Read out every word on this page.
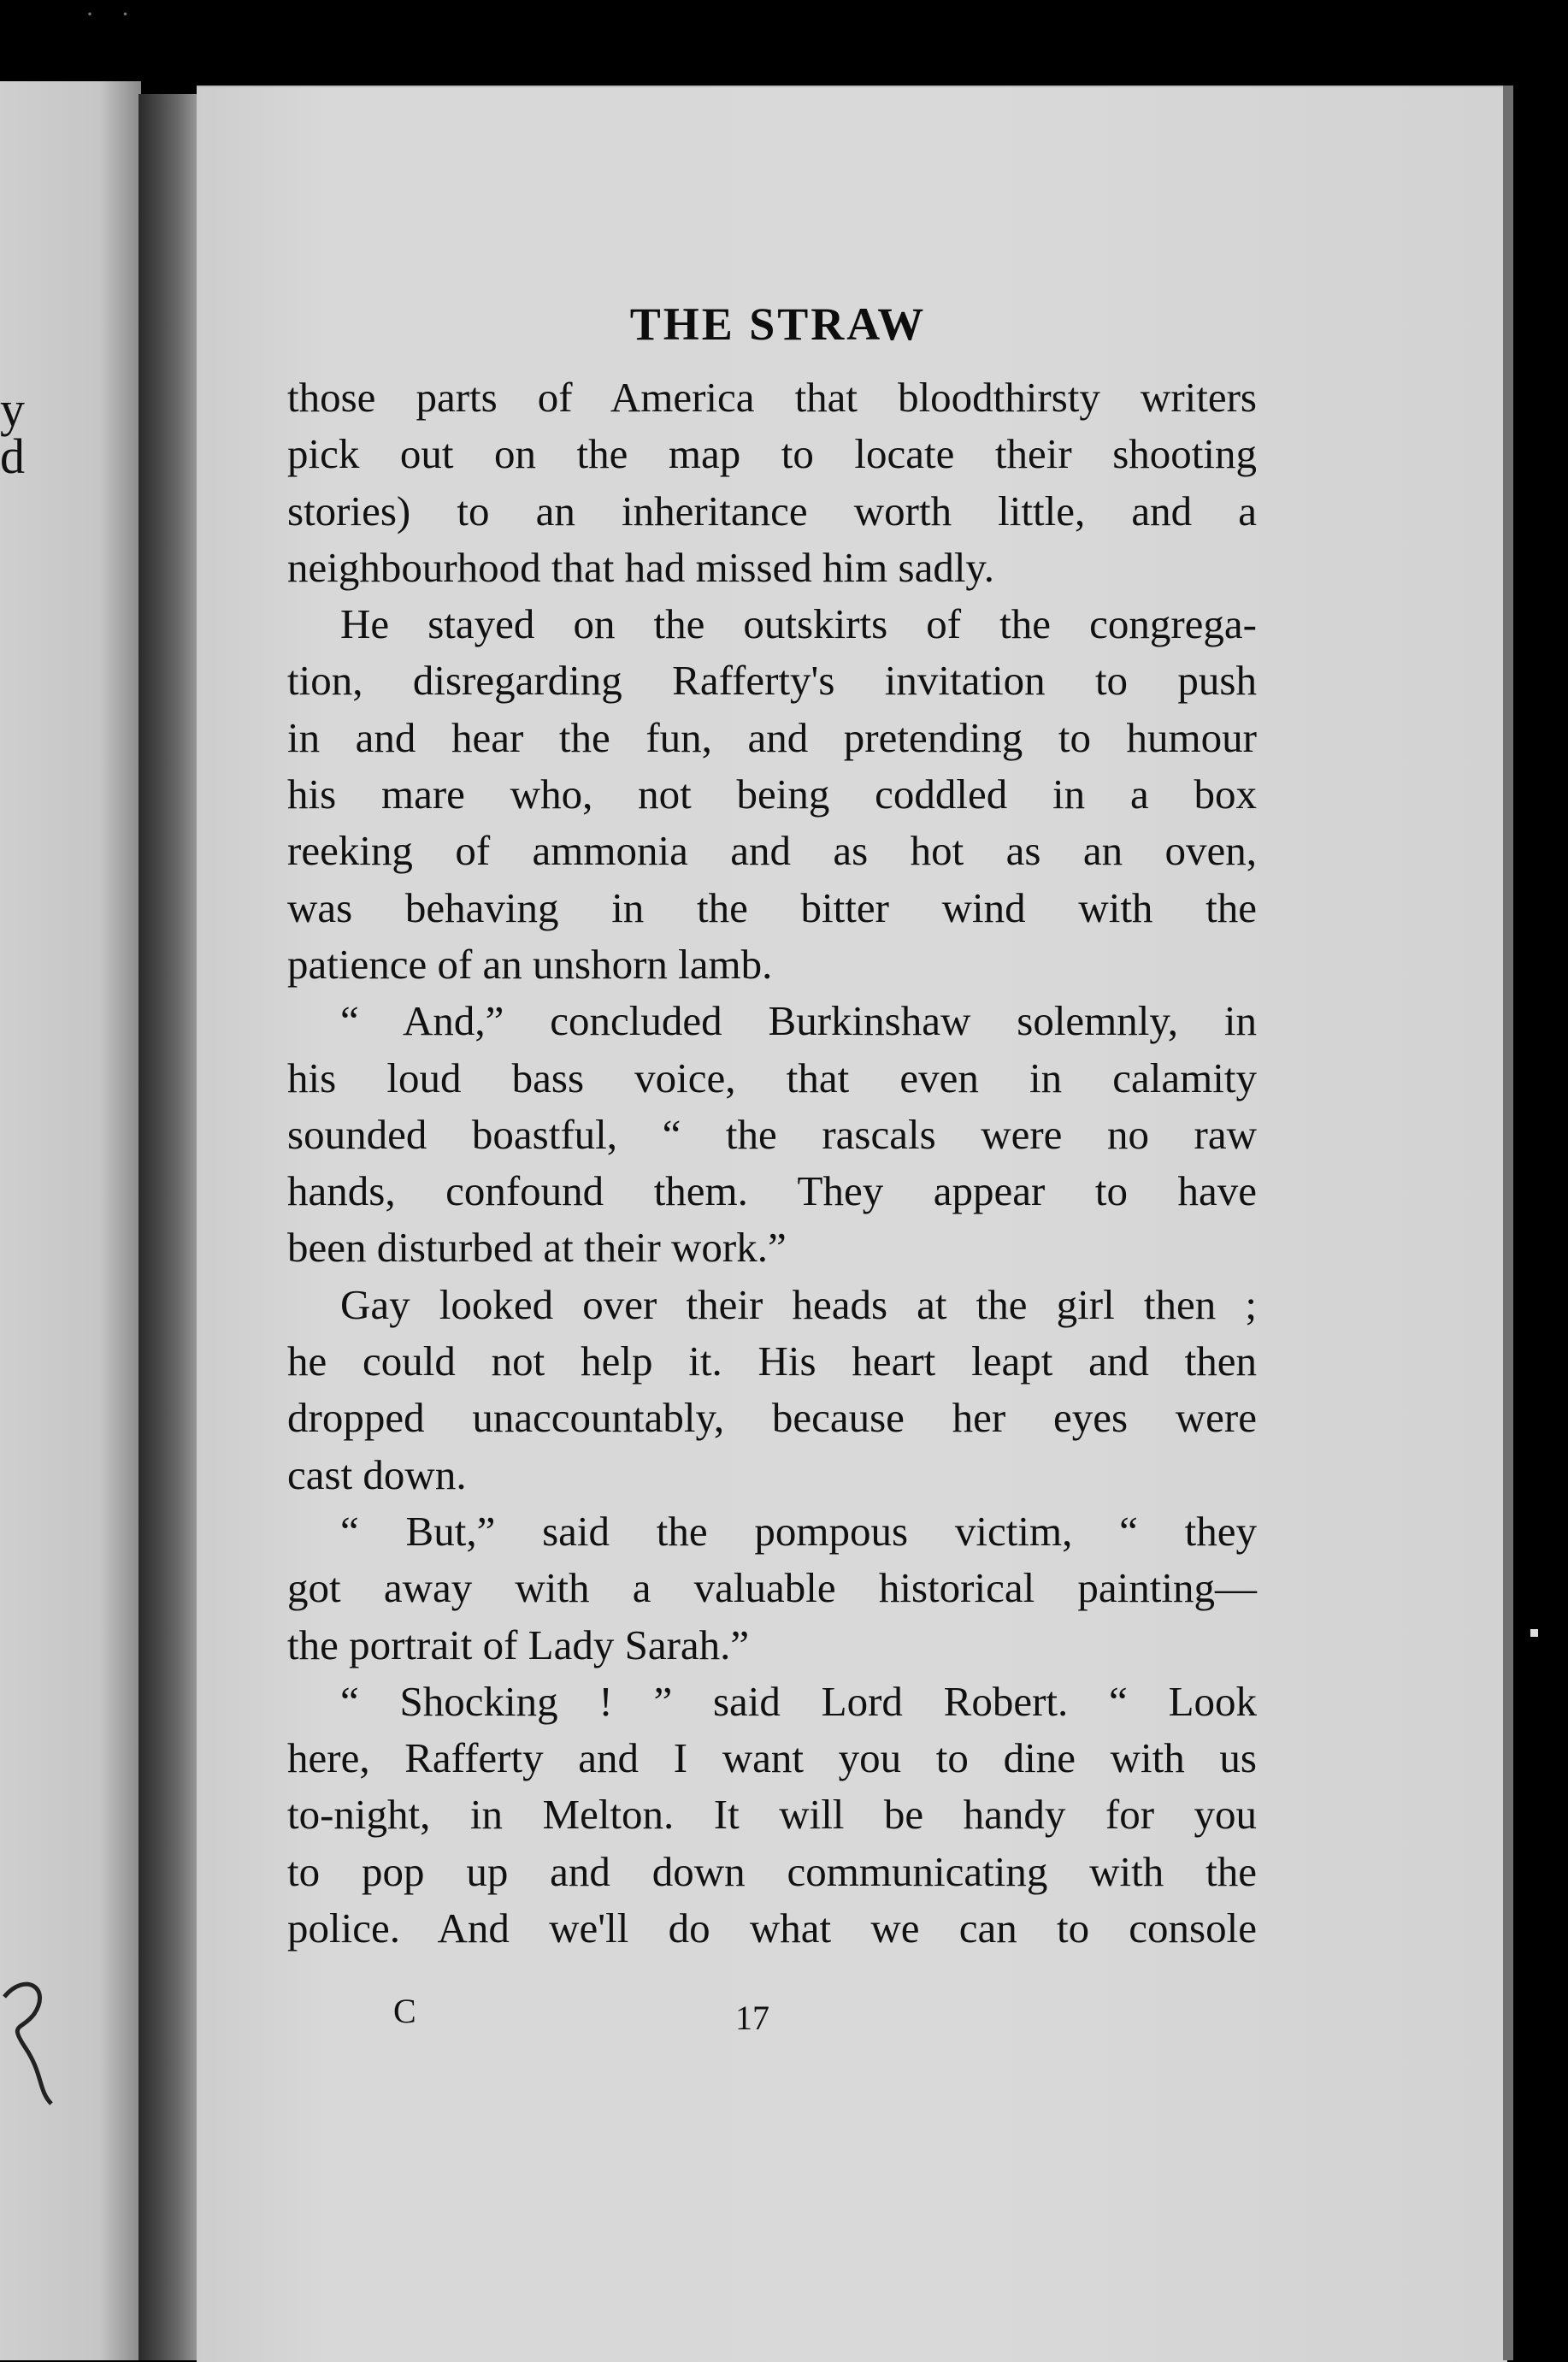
· ·
y
d
THE STRAW
those parts of America that bloodthirsty writers
pick out on the map to locate their shooting
stories) to an inheritance worth little, and a
neighbourhood that had missed him sadly.
He stayed on the outskirts of the congrega-
tion, disregarding Rafferty's invitation to push
in and hear the fun, and pretending to humour
his mare who, not being coddled in a box
reeking of ammonia and as hot as an oven,
was behaving in the bitter wind with the
patience of an unshorn lamb.
“ And,” concluded Burkinshaw solemnly, in
his loud bass voice, that even in calamity
sounded boastful, “ the rascals were no raw
hands, confound them. They appear to have
been disturbed at their work.”
Gay looked over their heads at the girl then ;
he could not help it. His heart leapt and then
dropped unaccountably, because her eyes were
cast down.
“ But,” said the pompous victim, “ they
got away with a valuable historical painting—
the portrait of Lady Sarah.”
“ Shocking ! ” said Lord Robert. “ Look
here, Rafferty and I want you to dine with us
to-night, in Melton. It will be handy for you
to pop up and down communicating with the
police. And we'll do what we can to console
C	17
